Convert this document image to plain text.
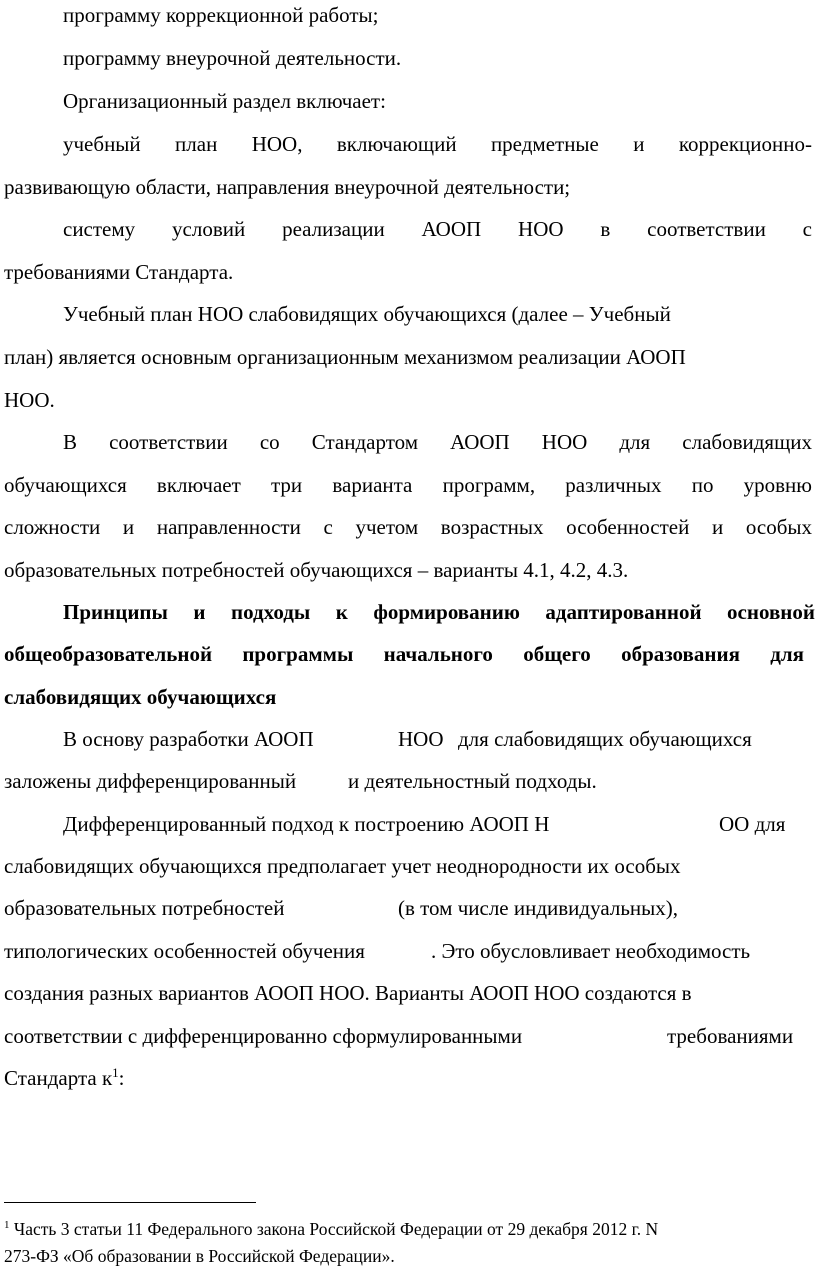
программу коррекционной работы;
программу внеурочной деятельности.
Организационный раздел включает:
учебный план НОО, включающий предметные и коррекционно-
развивающую области, направления внеурочной деятельности;
систему условий реализации АООП НОО в соответствии с
требованиями Стандарта.
Учебный план НОО слабовидящих обучающихся (далее – Учебный
план) является основным организационным механизмом реализации АООП
НОО.
В соответствии со Стандартом АООП НОО для слабовидящих
обучающихся включает три варианта программ, различных по уровню
сложности и направленности с учетом возрастных особенностей и особых
образовательных потребностей обучающихся – варианты 4.1, 4.2, 4.3.
Принципы и подходы к формированию адаптированной основной
общеобразовательной программы начального общего образования для
слабовидящих обучающихся
В основу разработки АООП	НОО для слабовидящих обучающихся
заложены дифференцированный и деятельностный подходы.
Дифференцированный подход к построению АООП Н	ОО для
слабовидящих обучающихся предполагает учет неоднородности их особых
образовательных потребностей	(в том числе индивидуальных),
типологических особенностей обучения	. Это обусловливает необходимость
создания разных вариантов АООП НОО. Варианты АООП НОО создаются в
соответствии с дифференцированно сформулированными	требованиями
Стандарта $к^1$:
$^1$ Часть 3 статьи 11 Федерального закона Российской Федерации от 29 декабря 2012 г. N
273-ФЗ «Об образовании в Российской Федерации».
